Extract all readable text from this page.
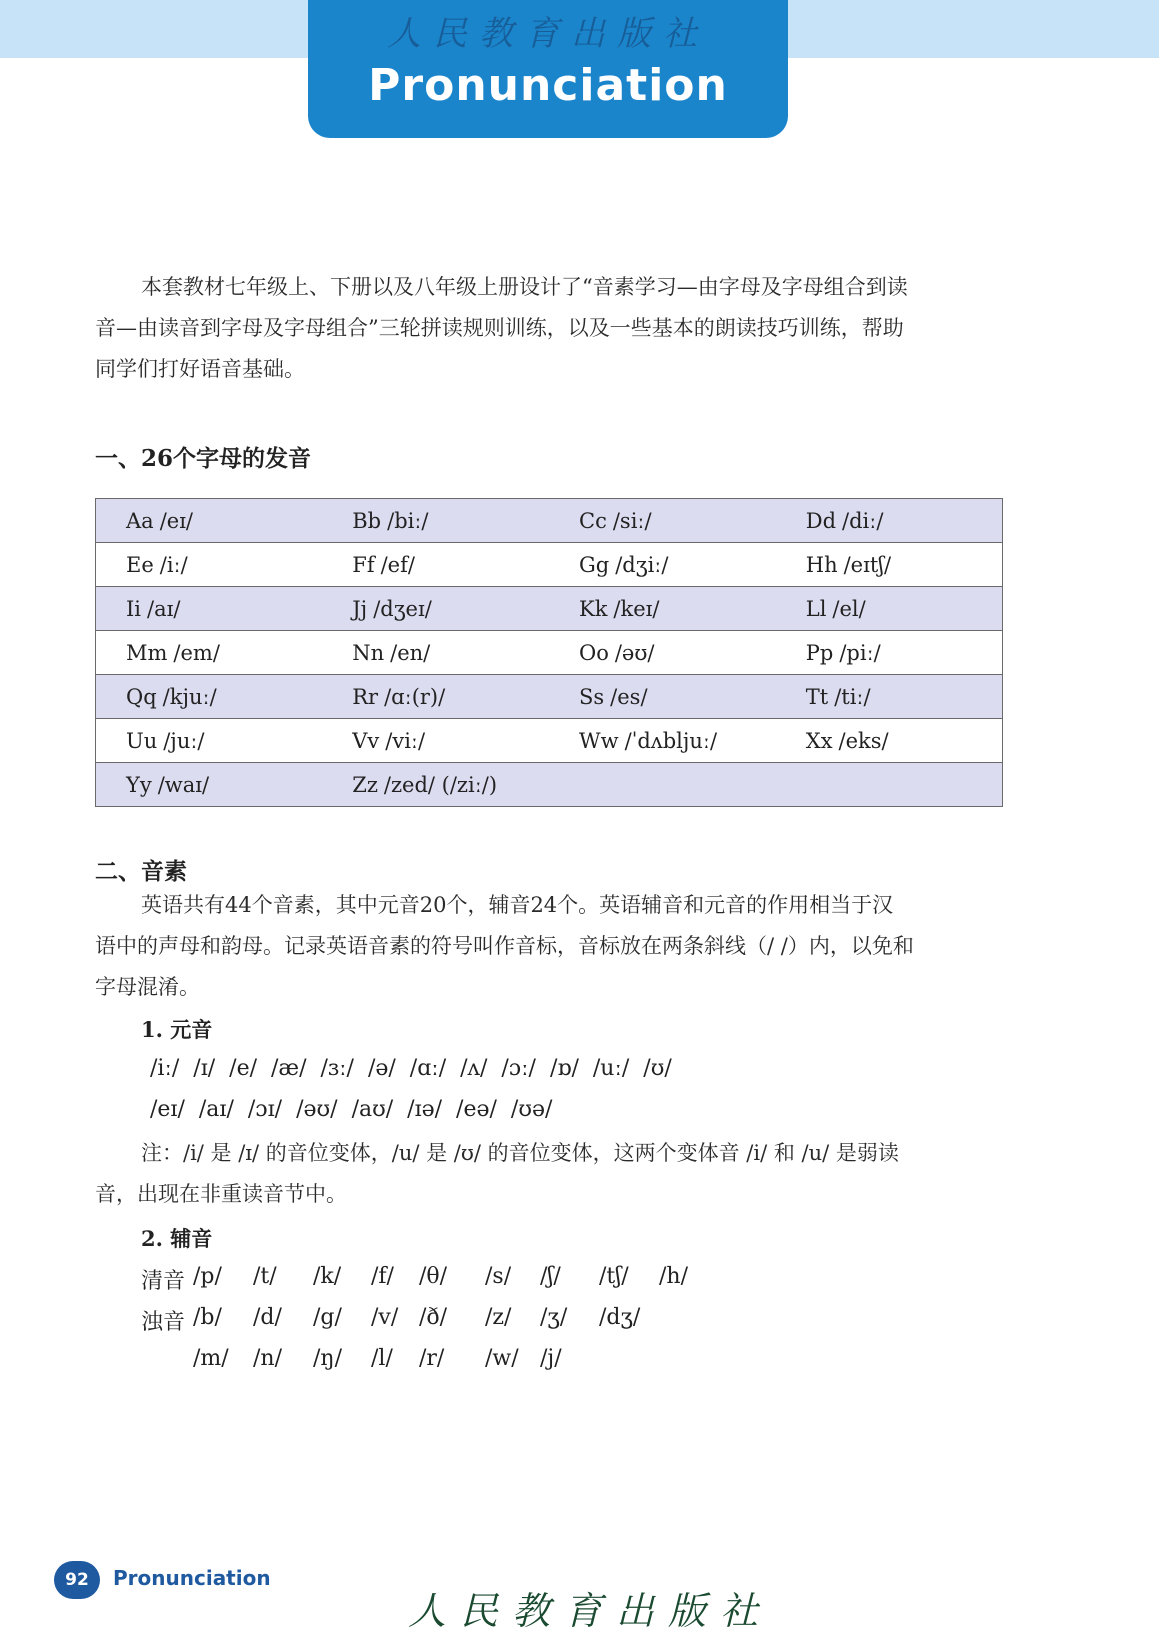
人民教育出版社
Pronunciation

本套教材七年级上、下册以及八年级上册设计了“音素学习—由字母及字母组合到读
音—由读音到字母及字母组合”三轮拼读规则训练，以及一些基本的朗读技巧训练，帮助
同学们打好语音基础。

一、26个字母的发音
Aa /eɪ/	Bb /biː/	Cc /siː/	Dd /diː/
Ee /iː/	Ff /ef/	Gg /dʒiː/	Hh /eɪtʃ/
Ii /aɪ/	Jj /dʒeɪ/	Kk /keɪ/	Ll /el/
Mm /em/	Nn /en/	Oo /əʊ/	Pp /piː/
Qq /kjuː/	Rr /ɑː(r)/	Ss /es/	Tt /tiː/
Uu /juː/	Vv /viː/	Ww /ˈdʌbljuː/	Xx /eks/
Yy /waɪ/	Zz /zed/ (/ziː/)		
二、音素

英语共有44个音素，其中元音20个，辅音24个。英语辅音和元音的作用相当于汉
语中的声母和韵母。记录英语音素的符号叫作音标，音标放在两条斜线（/ /）内，以免和
字母混淆。

1. 元音
/iː/ /ɪ/ /e/ /æ/ /ɜː/ /ə/ /ɑː/ /ʌ/ /ɔː/ /ɒ/ /uː/ /ʊ/
/eɪ/ /aɪ/ /ɔɪ/ /əʊ/ /aʊ/ /ɪə/ /eə/ /ʊə/

注：/i/ 是 /ɪ/ 的音位变体，/u/ 是 /ʊ/ 的音位变体，这两个变体音 /i/ 和 /u/ 是弱读
音，出现在非重读音节中。

2. 辅音
清音 /p/ /t/ /k/ /f/ /θ/ /s/ /ʃ/ /tʃ/ /h/
浊音 /b/ /d/ /g/ /v/ /ð/ /z/ /ʒ/ /dʒ/
/m/ /n/ /ŋ/ /l/ /r/ /w/ /j/
92	Pronunciation
人民教育出版社
